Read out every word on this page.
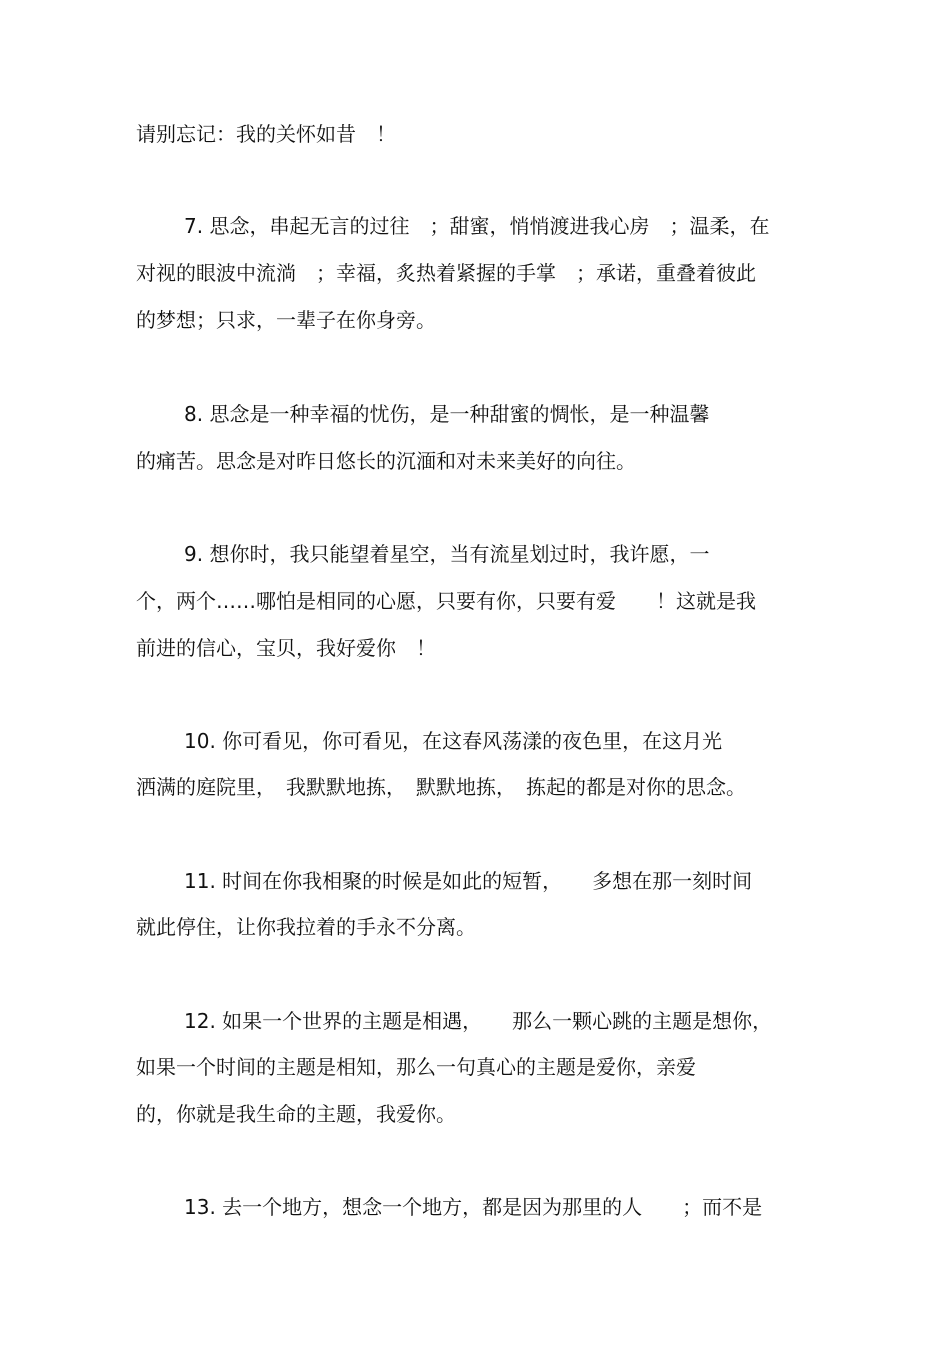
请别忘记：我的关怀如昔　！
7. 思念，串起无言的过往　；甜蜜，悄悄渡进我心房　；温柔，在
对视的眼波中流淌　；幸福，炙热着紧握的手掌　；承诺，重叠着彼此
的梦想；只求，一辈子在你身旁。
8. 思念是一种幸福的忧伤，是一种甜蜜的惆怅，是一种温馨
的痛苦。思念是对昨日悠长的沉湎和对未来美好的向往。
9. 想你时，我只能望着星空，当有流星划过时，我许愿，一
个，两个……哪怕是相同的心愿，只要有你，只要有爱　　！这就是我
前进的信心，宝贝，我好爱你　！
10. 你可看见，你可看见，在这春风荡漾的夜色里，在这月光
洒满的庭院里，　我默默地拣，　默默地拣，　拣起的都是对你的思念。
11. 时间在你我相聚的时候是如此的短暂，　　多想在那一刻时间
就此停住，让你我拉着的手永不分离。
12. 如果一个世界的主题是相遇，　　那么一颗心跳的主题是想你，
如果一个时间的主题是相知，那么一句真心的主题是爱你，亲爱
的，你就是我生命的主题，我爱你。
13. 去一个地方，想念一个地方，都是因为那里的人　　；而不是
